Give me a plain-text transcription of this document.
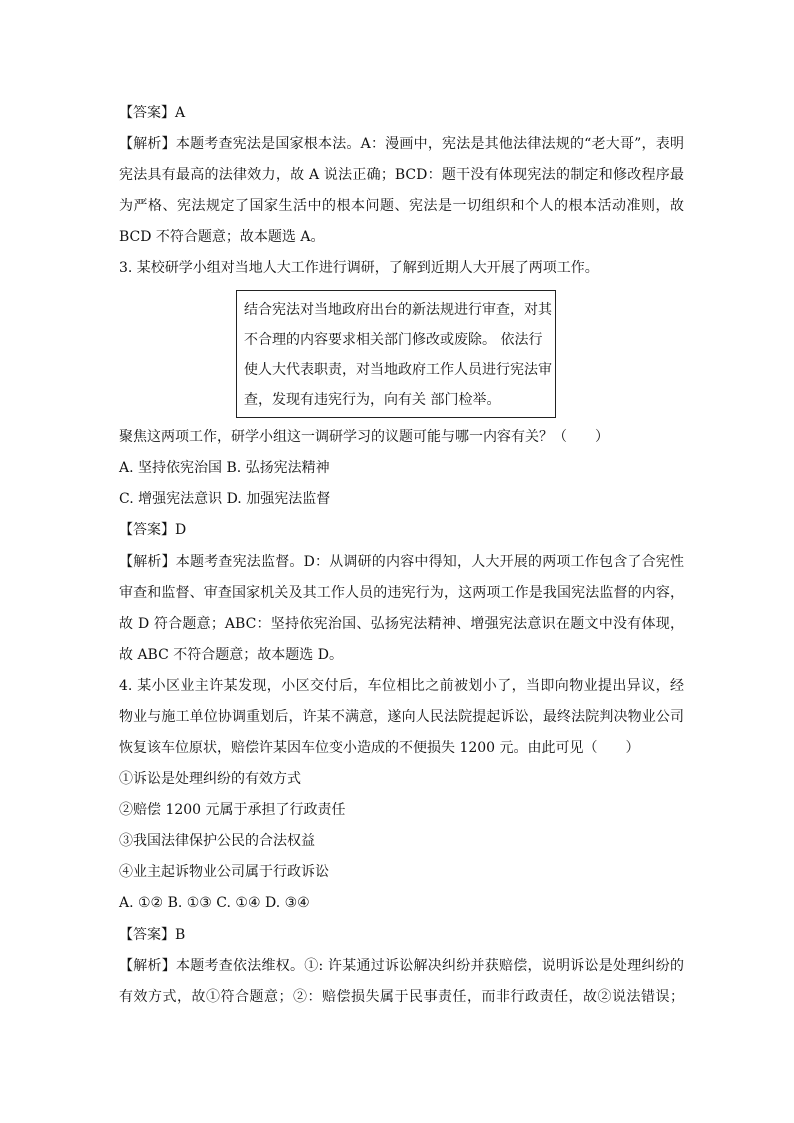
【答案】A
【解析】本题考查宪法是国家根本法。A：漫画中，宪法是其他法律法规的“老大哥”，表明
宪法具有最高的法律效力，故 A 说法正确；BCD：题干没有体现宪法的制定和修改程序最
为严格、宪法规定了国家生活中的根本问题、宪法是一切组织和个人的根本活动准则，故
BCD 不符合题意；故本题选 A。
3. 某校研学小组对当地人大工作进行调研，了解到近期人大开展了两项工作。
结合宪法对当地政府出台的新法规进行审查，对其
不合理的内容要求相关部门修改或废除。 依法行
使人大代表职责，对当地政府工作人员进行宪法审
查，发现有违宪行为，向有关 部门检举。
聚焦这两项工作，研学小组这一调研学习的议题可能与哪一内容有关？（　　）
A. 坚持依宪治国 B. 弘扬宪法精神
C. 增强宪法意识 D. 加强宪法监督
【答案】D
【解析】本题考查宪法监督。D：从调研的内容中得知，人大开展的两项工作包含了合宪性
审查和监督、审查国家机关及其工作人员的违宪行为，这两项工作是我国宪法监督的内容，
故 D 符合题意；ABC：坚持依宪治国、弘扬宪法精神、增强宪法意识在题文中没有体现，
故 ABC 不符合题意；故本题选 D。
4. 某小区业主许某发现，小区交付后，车位相比之前被划小了，当即向物业提出异议，经
物业与施工单位协调重划后，许某不满意，遂向人民法院提起诉讼，最终法院判决物业公司
恢复该车位原状，赔偿许某因车位变小造成的不便损失 1200 元。由此可见（　　）
①诉讼是处理纠纷的有效方式
②赔偿 1200 元属于承担了行政责任
③我国法律保护公民的合法权益
④业主起诉物业公司属于行政诉讼
A. ①② B. ①③ C. ①④ D. ③④
【答案】B
【解析】本题考查依法维权。①: 许某通过诉讼解决纠纷并获赔偿，说明诉讼是处理纠纷的
有效方式，故①符合题意；②：赔偿损失属于民事责任，而非行政责任，故②说法错误；
